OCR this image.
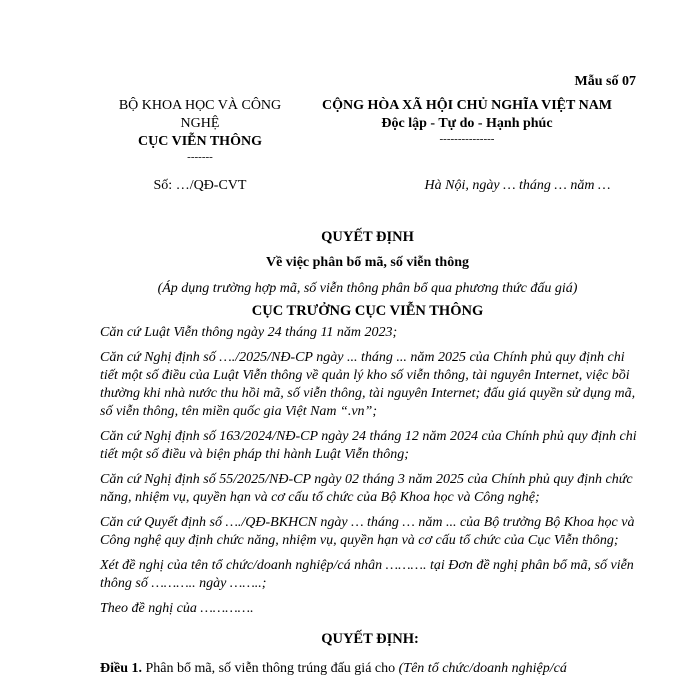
Mẫu số 07
BỘ KHOA HỌC VÀ CÔNG NGHỆ
CỤC VIỄN THÔNG
-------
CỘNG HÒA XÃ HỘI CHỦ NGHĨA VIỆT NAM
Độc lập - Tự do - Hạnh phúc
---------------
Số: …/QĐ-CVT	Hà Nội, ngày … tháng … năm …

QUYẾT ĐỊNH

Về việc phân bổ mã, số viễn thông

(Áp dụng trường hợp mã, số viễn thông phân bổ qua phương thức đấu giá)

CỤC TRƯỞNG CỤC VIỄN THÔNG

Căn cứ Luật Viễn thông ngày 24 tháng 11 năm 2023;

Căn cứ Nghị định số …./2025/NĐ-CP ngày ... tháng ... năm 2025 của Chính phủ quy định chi tiết một số điều của Luật Viễn thông về quản lý kho số viễn thông, tài nguyên Internet, việc bồi thường khi nhà nước thu hồi mã, số viễn thông, tài nguyên Internet; đấu giá quyền sử dụng mã, số viễn thông, tên miền quốc gia Việt Nam “.vn”;

Căn cứ Nghị định số 163/2024/NĐ-CP ngày 24 tháng 12 năm 2024 của Chính phủ quy định chi tiết một số điều và biện pháp thi hành Luật Viễn thông;

Căn cứ Nghị định số 55/2025/NĐ-CP ngày 02 tháng 3 năm 2025 của Chính phủ quy định chức năng, nhiệm vụ, quyền hạn và cơ cấu tổ chức của Bộ Khoa học và Công nghệ;

Căn cứ Quyết định số …./QĐ-BKHCN ngày … tháng … năm ... của Bộ trưởng Bộ Khoa học và Công nghệ quy định chức năng, nhiệm vụ, quyền hạn và cơ cấu tổ chức của Cục Viễn thông;

Xét đề nghị của tên tổ chức/doanh nghiệp/cá nhân ………. tại Đơn đề nghị phân bổ mã, số viễn thông số ……….. ngày ……..;

Theo đề nghị của ………….

QUYẾT ĐỊNH:

Điều 1. Phân bổ mã, số viễn thông trúng đấu giá cho (Tên tổ chức/doanh nghiệp/cá
